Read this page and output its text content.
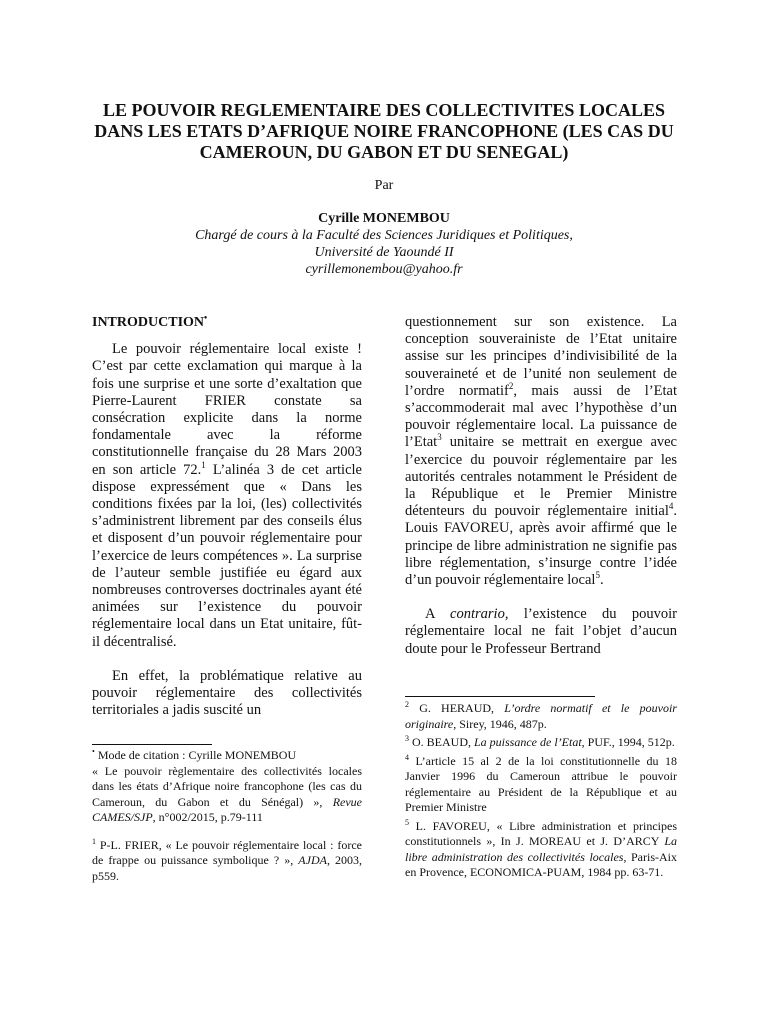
LE POUVOIR REGLEMENTAIRE DES COLLECTIVITES LOCALES
DANS LES ETATS D’AFRIQUE NOIRE FRANCOPHONE (LES CAS DU
CAMEROUN, DU GABON ET DU SENEGAL)
Par
Cyrille MONEMBOU
Chargé de cours à la Faculté des Sciences Juridiques et Politiques,
Université de Yaoundé II
cyrillemonembou@yahoo.fr
INTRODUCTION•

Le pouvoir réglementaire local existe ! C’est par cette exclamation qui marque à la fois une surprise et une sorte d’exaltation que Pierre-Laurent FRIER constate sa consécration explicite dans la norme fondamentale avec la réforme constitutionnelle française du 28 Mars 2003 en son article 72.$^1$ L’alinéa 3 de cet article dispose expressément que « Dans les conditions fixées par la loi, (les) collectivités s’administrent librement par des conseils élus et disposent d’un pouvoir réglementaire pour l’exercice de leurs compétences ». La surprise de l’auteur semble justifiée eu égard aux nombreuses controverses doctrinales ayant été animées sur l’existence du pouvoir réglementaire local dans un Etat unitaire, fût-il décentralisé.

En effet, la problématique relative au pouvoir réglementaire des collectivités territoriales a jadis suscité un

questionnement sur son existence. La conception souverainiste de l’Etat unitaire assise sur les principes d’indivisibilité de la souveraineté et de l’unité non seulement de l’ordre normatif$^2$, mais aussi de l’Etat s’accommoderait mal avec l’hypothèse d’un pouvoir réglementaire local. La puissance de l’Etat$^3$ unitaire se mettrait en exergue avec l’exercice du pouvoir réglementaire par les autorités centrales notamment le Président de la République et le Premier Ministre détenteurs du pouvoir réglementaire initial$^4$. Louis FAVOREU, après avoir affirmé que le principe de libre administration ne signifie pas libre réglementation, s’insurge contre l’idée d’un pouvoir réglementaire local$^5$.

A contrario, l’existence du pouvoir réglementaire local ne fait l’objet d’aucun doute pour le Professeur Bertrand

• Mode de citation : Cyrille MONEMBOU
« Le pouvoir règlementaire des collectivités locales dans les états d’Afrique noire francophone (les cas du Cameroun, du Gabon et du Sénégal) », Revue CAMES/SJP, n°002/2015, p.79-111
$^1$ P-L. FRIER, « Le pouvoir réglementaire local : force de frappe ou puissance symbolique ? », AJDA, 2003, p559.
$^2$ G. HERAUD, L’ordre normatif et le pouvoir originaire, Sirey, 1946, 487p.
$^3$ O. BEAUD, La puissance de l’Etat, PUF., 1994, 512p.
$^4$ L’article 15 al 2 de la loi constitutionnelle du 18 Janvier 1996 du Cameroun attribue le pouvoir réglementaire au Président de la République et au Premier Ministre
$^5$ L. FAVOREU, « Libre administration et principes constitutionnels », In J. MOREAU et J. D’ARCY La libre administration des collectivités locales, Paris-Aix en Provence, ECONOMICA-PUAM, 1984 pp. 63-71.
